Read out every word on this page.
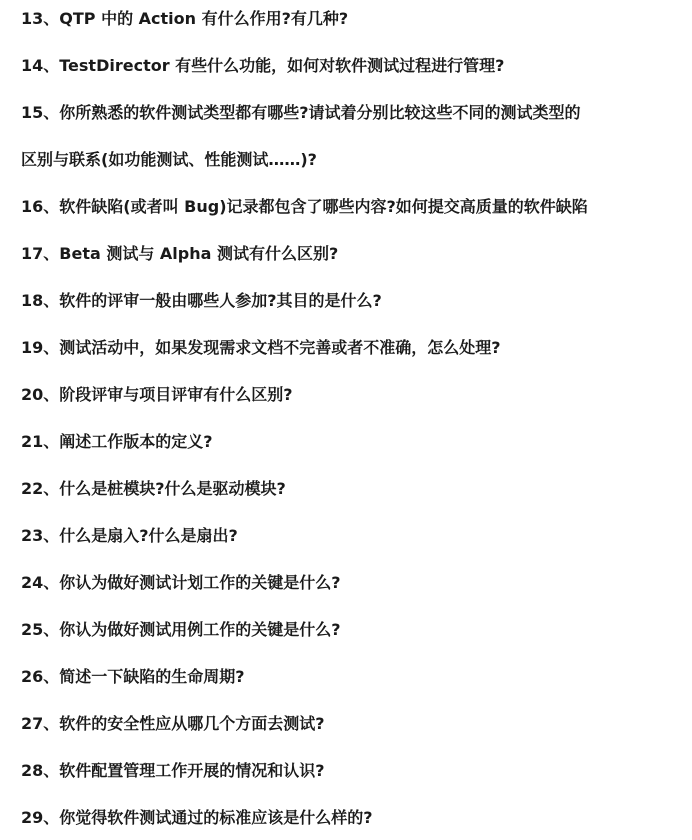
13、QTP 中的 Action 有什么作用?有几种?
14、TestDirector 有些什么功能，如何对软件测试过程进行管理?
15、你所熟悉的软件测试类型都有哪些?请试着分别比较这些不同的测试类型的
区别与联系(如功能测试、性能测试……)?
16、软件缺陷(或者叫 Bug)记录都包含了哪些内容?如何提交高质量的软件缺陷
17、Beta 测试与 Alpha 测试有什么区别?
18、软件的评审一般由哪些人参加?其目的是什么?
19、测试活动中，如果发现需求文档不完善或者不准确，怎么处理?
20、阶段评审与项目评审有什么区别?
21、阐述工作版本的定义?
22、什么是桩模块?什么是驱动模块?
23、什么是扇入?什么是扇出?
24、你认为做好测试计划工作的关键是什么?
25、你认为做好测试用例工作的关键是什么?
26、简述一下缺陷的生命周期?
27、软件的安全性应从哪几个方面去测试?
28、软件配置管理工作开展的情况和认识?
29、你觉得软件测试通过的标准应该是什么样的?
